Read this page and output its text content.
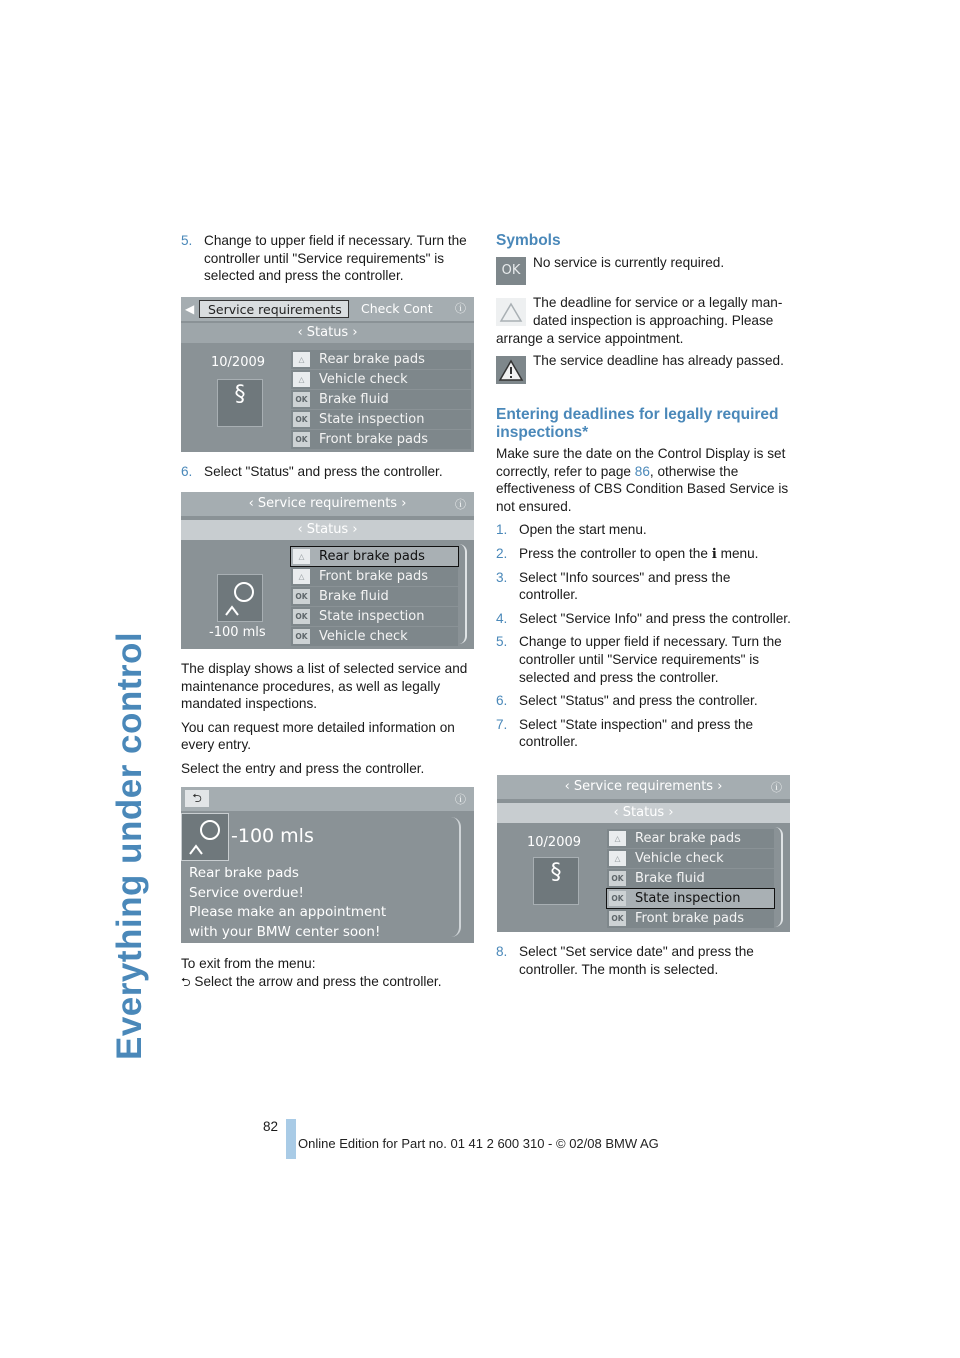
Everything under control
5. Change to upper field if necessary. Turn the controller until "Service requirements" is selected and press the controller.
◀	Service requirements	Check Cont ⓘ
‹ Status ›
10/2009
§
△	Rear brake pads
△	Vehicle check
OK Brake fluid
OK State inspection
OK Front brake pads
6. Select "Status" and press the controller.
‹ Service requirements ›	ⓘ
‹ Status ›
-100 mls
△	Rear brake pads
△	Front brake pads
OK Brake fluid
OK State inspection
OK Vehicle check

The display shows a list of selected service and maintenance procedures, as well as legally mandated inspections.

You can request more detailed information on every entry.

Select the entry and press the controller.

⮌	ⓘ
-100 mls
Rear brake pads
Service overdue!
Please make an appointment
with your BMW center soon!
To exit from the menu:
⮌ Select the arrow and press the controller.
Symbols
OK
No service is currently required.
The deadline for service or a legally man-
dated inspection is approaching. Please
arrange a service appointment.
The service deadline has already passed.
Entering deadlines for legally required inspections*

Make sure the date on the Control Display is set correctly, refer to page 86, otherwise the effectiveness of CBS Condition Based Service is not ensured.

1. Open the start menu.
2. Press the controller to open the ℹ menu.
3. Select "Info sources" and press the controller.
4. Select "Service Info" and press the controller.
5. Change to upper field if necessary. Turn the controller until "Service requirements" is selected and press the controller.
6. Select "Status" and press the controller.
7. Select "State inspection" and press the controller.
‹ Service requirements ›	ⓘ
‹ Status ›
10/2009
§
△	Rear brake pads
△	Vehicle check
OK Brake fluid
OK State inspection
OK Front brake pads
8. Select "Set service date" and press the controller. The month is selected.
82
Online Edition for Part no. 01 41 2 600 310 - © 02/08 BMW AG
